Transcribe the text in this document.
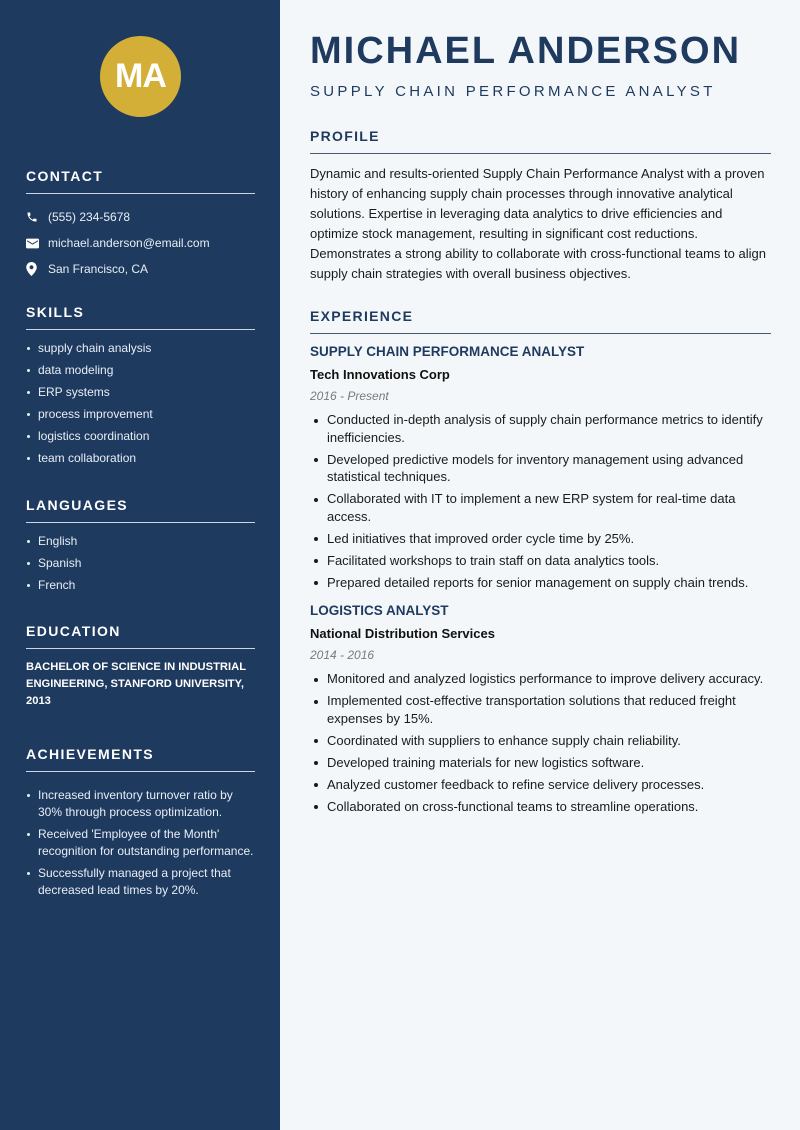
MA
CONTACT
(555) 234-5678
michael.anderson@email.com
San Francisco, CA
SKILLS
supply chain analysis
data modeling
ERP systems
process improvement
logistics coordination
team collaboration
LANGUAGES
English
Spanish
French
EDUCATION

BACHELOR OF SCIENCE IN INDUSTRIAL ENGINEERING, STANFORD UNIVERSITY, 2013

ACHIEVEMENTS
Increased inventory turnover ratio by 30% through process optimization.
Received 'Employee of the Month' recognition for outstanding performance.
Successfully managed a project that decreased lead times by 20%.
MICHAEL ANDERSON
SUPPLY CHAIN PERFORMANCE ANALYST
PROFILE

Dynamic and results-oriented Supply Chain Performance Analyst with a proven history of enhancing supply chain processes through innovative analytical solutions. Expertise in leveraging data analytics to drive efficiencies and optimize stock management, resulting in significant cost reductions. Demonstrates a strong ability to collaborate with cross-functional teams to align supply chain strategies with overall business objectives.

EXPERIENCE
SUPPLY CHAIN PERFORMANCE ANALYST
Tech Innovations Corp
2016 - Present
Conducted in-depth analysis of supply chain performance metrics to identify inefficiencies.
Developed predictive models for inventory management using advanced statistical techniques.
Collaborated with IT to implement a new ERP system for real-time data access.
Led initiatives that improved order cycle time by 25%.
Facilitated workshops to train staff on data analytics tools.
Prepared detailed reports for senior management on supply chain trends.
LOGISTICS ANALYST
National Distribution Services
2014 - 2016
Monitored and analyzed logistics performance to improve delivery accuracy.
Implemented cost-effective transportation solutions that reduced freight expenses by 15%.
Coordinated with suppliers to enhance supply chain reliability.
Developed training materials for new logistics software.
Analyzed customer feedback to refine service delivery processes.
Collaborated on cross-functional teams to streamline operations.
